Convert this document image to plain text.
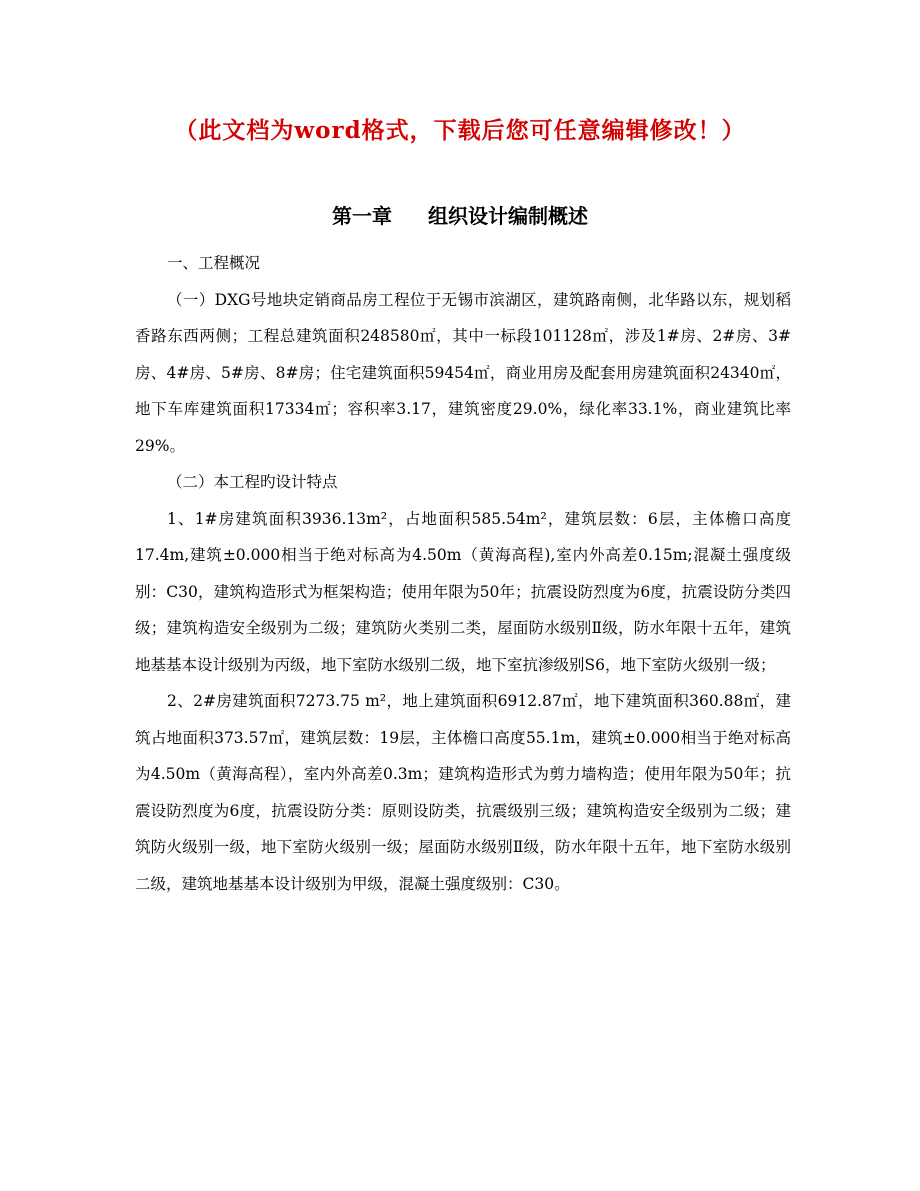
（此文档为word格式，下载后您可任意编辑修改！）
第一章 组织设计编制概述

一、工程概况

（一）DXG号地块定销商品房工程位于无锡市滨湖区，建筑路南侧，北华路以东，规划稻香路东西两侧；工程总建筑面积248580㎡，其中一标段101128㎡，涉及1#房、2#房、3#房、4#房、5#房、8#房；住宅建筑面积59454㎡，商业用房及配套用房建筑面积24340㎡，地下车库建筑面积17334㎡；容积率3.17，建筑密度29.0%，绿化率33.1%，商业建筑比率29%。

（二）本工程旳设计特点

1、1#房建筑面积3936.13m²，占地面积585.54m²，建筑层数：6层，主体檐口高度17.4m,建筑±0.000相当于绝对标高为4.50m（黄海高程),室内外高差0.15m;混凝土强度级别：C30，建筑构造形式为框架构造；使用年限为50年；抗震设防烈度为6度，抗震设防分类四级；建筑构造安全级别为二级；建筑防火类别二类，屋面防水级别Ⅱ级，防水年限十五年，建筑地基基本设计级别为丙级，地下室防水级别二级，地下室抗渗级别S6，地下室防火级别一级；

2、2#房建筑面积7273.75 m²，地上建筑面积6912.87㎡，地下建筑面积360.88㎡，建筑占地面积373.57㎡，建筑层数：19层，主体檐口高度55.1m，建筑±0.000相当于绝对标高为4.50m（黄海高程），室内外高差0.3m；建筑构造形式为剪力墙构造；使用年限为50年；抗震设防烈度为6度，抗震设防分类：原则设防类，抗震级别三级；建筑构造安全级别为二级；建筑防火级别一级，地下室防火级别一级；屋面防水级别Ⅱ级，防水年限十五年，地下室防水级别二级，建筑地基基本设计级别为甲级，混凝土强度级别：C30。
